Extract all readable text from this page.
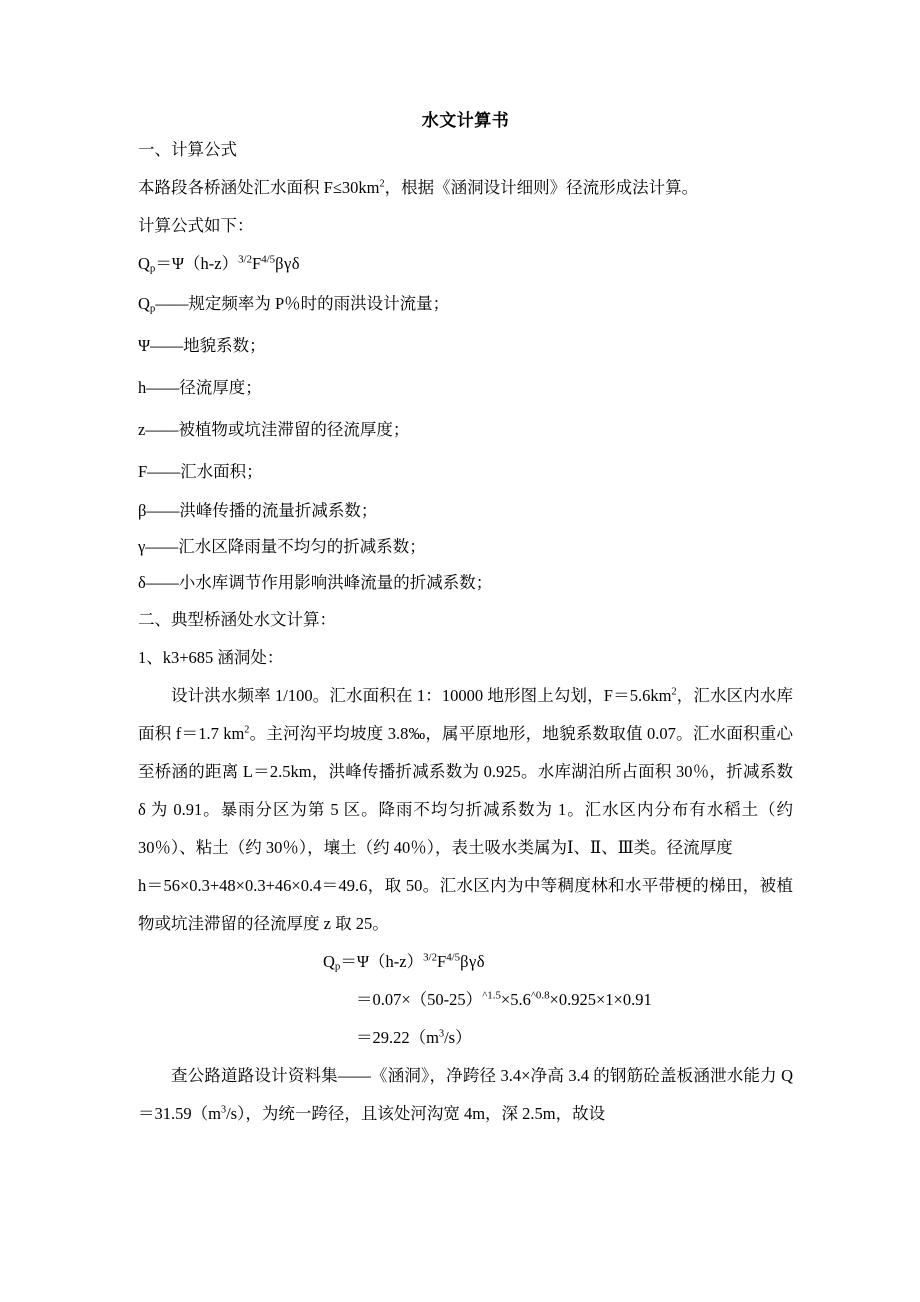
水文计算书
一、计算公式
本路段各桥涵处汇水面积 $F\le 30km^2$，根据《涵洞设计细则》径流形成法计算。
计算公式如下：
$Q_p=\Psi(h-z)^{3/2}F^{4/5}\beta\gamma\delta$
Qp——规定频率为 P％时的雨洪设计流量；
Ψ——地貌系数；
h——径流厚度；
z——被植物或坑洼滞留的径流厚度；
F——汇水面积；
β——洪峰传播的流量折减系数；
γ——汇水区降雨量不均匀的折减系数；
δ——小水库调节作用影响洪峰流量的折减系数；
二、典型桥涵处水文计算：
1、k3+685 涵洞处：
设计洪水频率 1/100。汇水面积在 1：10000 地形图上勾划，$F=5.6km^2$，汇水区内水库面积 f＝1.7 $km^2$。主河沟平均坡度 3.8‰，属平原地形，地貌系数取值 0.07。汇水面积重心至桥涵的距离 L＝2.5km，洪峰传播折减系数为 0.925。水库湖泊所占面积 30％，折减系数 δ 为 0.91。暴雨分区为第 5 区。降雨不均匀折减系数为 1。汇水区内分布有水稻土（约 30％）、粘土（约 30％），壤土（约 40％），表土吸水类属为Ⅰ、Ⅱ、Ⅲ类。径流厚度
h＝56×0.3+48×0.3+46×0.4＝49.6，取 50。汇水区内为中等稠度林和水平带梗的梯田，被植物或坑洼滞留的径流厚度 z 取 25。
$Qp=\Psi(h-z)^{3/2}F^{4/5}\beta\gamma\delta$
$=0.07\times(50-25)^{\^{}1.5}\times 5.6^{\^{}0.8}\times 0.925\times 1\times 0.91$
$=29.22(m^3/s)$
查公路道路设计资料集——《涵洞》，净跨径 3.4×净高 3.4 的钢筋砼盖板涵泄水能力 $Q=31.59(m^3/s)$，为统一跨径，且该处河沟宽 4m，深 2.5m，故设
